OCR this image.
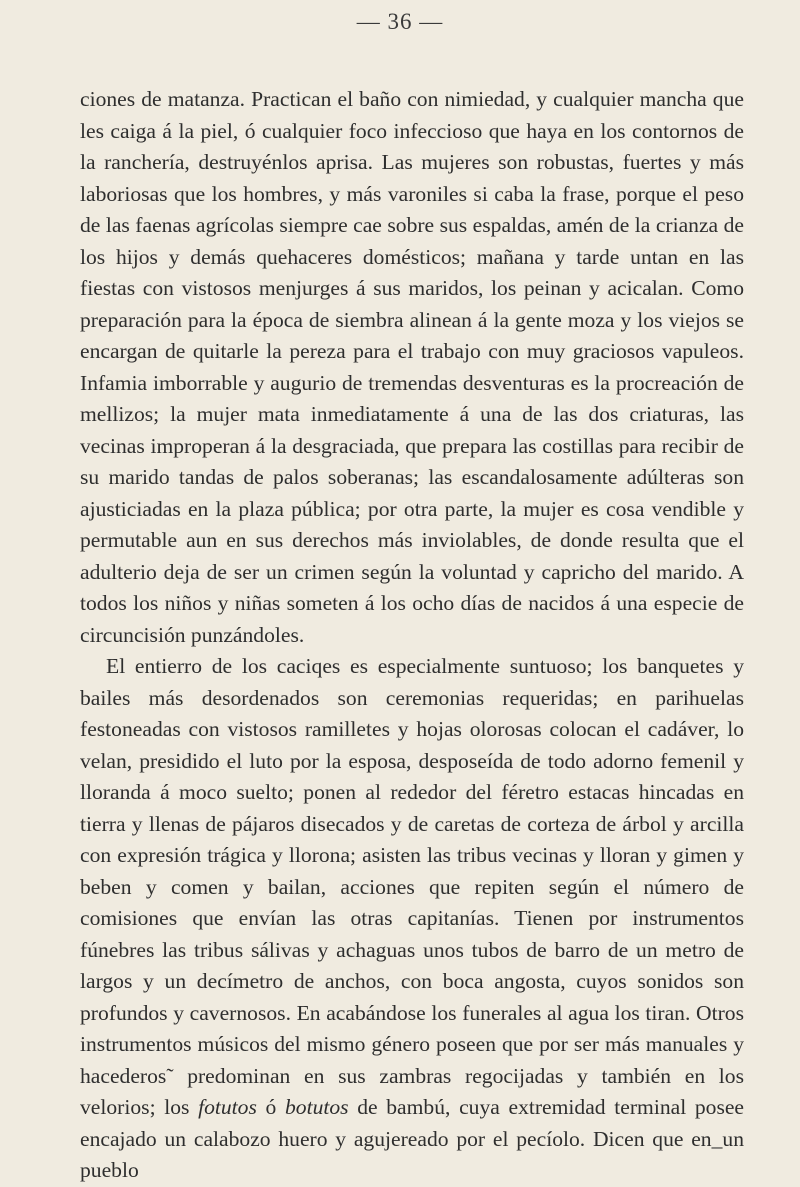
— 36 —

ciones de matanza. Practican el baño con nimiedad, y cualquier mancha que les caiga á la piel, ó cualquier foco infeccioso que haya en los contornos de la ranchería, destruyénlos aprisa. Las mujeres son robustas, fuertes y más laboriosas que los hombres, y más varoniles si caba la frase, porque el peso de las faenas agrícolas siempre cae sobre sus espaldas, amén de la crianza de los hijos y demás quehaceres domésticos; mañana y tarde untan en las fiestas con vistosos menjurges á sus maridos, los peinan y acicalan. Como preparación para la época de siembra alinean á la gente moza y los viejos se encargan de quitarle la pereza para el trabajo con muy graciosos vapuleos. Infamia imborrable y augurio de tremendas desventuras es la procreación de mellizos; la mujer mata inmediatamente á una de las dos criaturas, las vecinas improperan á la desgraciada, que prepara las costillas para recibir de su marido tandas de palos soberanas; las escandalosamente adúlteras son ajusticiadas en la plaza pública; por otra parte, la mujer es cosa vendible y permutable aun en sus derechos más inviolables, de donde resulta que el adulterio deja de ser un crimen según la voluntad y capricho del marido. A todos los niños y niñas someten á los ocho días de nacidos á una especie de circuncisión punzándoles.

El entierro de los caciqes es especialmente suntuoso; los banquetes y bailes más desordenados son ceremonias requeridas; en parihuelas festoneadas con vistosos ramilletes y hojas olorosas colocan el cadáver, lo velan, presidido el luto por la esposa, desposeída de todo adorno femenil y lloranda á moco suelto; ponen al rededor del féretro estacas hincadas en tierra y llenas de pájaros disecados y de caretas de corteza de árbol y arcilla con expresión trágica y llorona; asisten las tribus vecinas y lloran y gimen y beben y comen y bailan, acciones que repiten según el número de comisiones que envían las otras capitanías. Tienen por instrumentos fúnebres las tribus sálivas y achaguas unos tubos de barro de un metro de largos y un decímetro de anchos, con boca angosta, cuyos sonidos son profundos y cavernosos. En acabándose los funerales al agua los tiran. Otros instrumentos músicos del mismo género poseen que por ser más manuales y hacederos˜ predominan en sus zambras regocijadas y también en los velorios; los fotutos ó botutos de bambú, cuya extremidad terminal posee encajado un calabozo huero y agujereado por el pecíolo. Dicen que en_un pueblo
